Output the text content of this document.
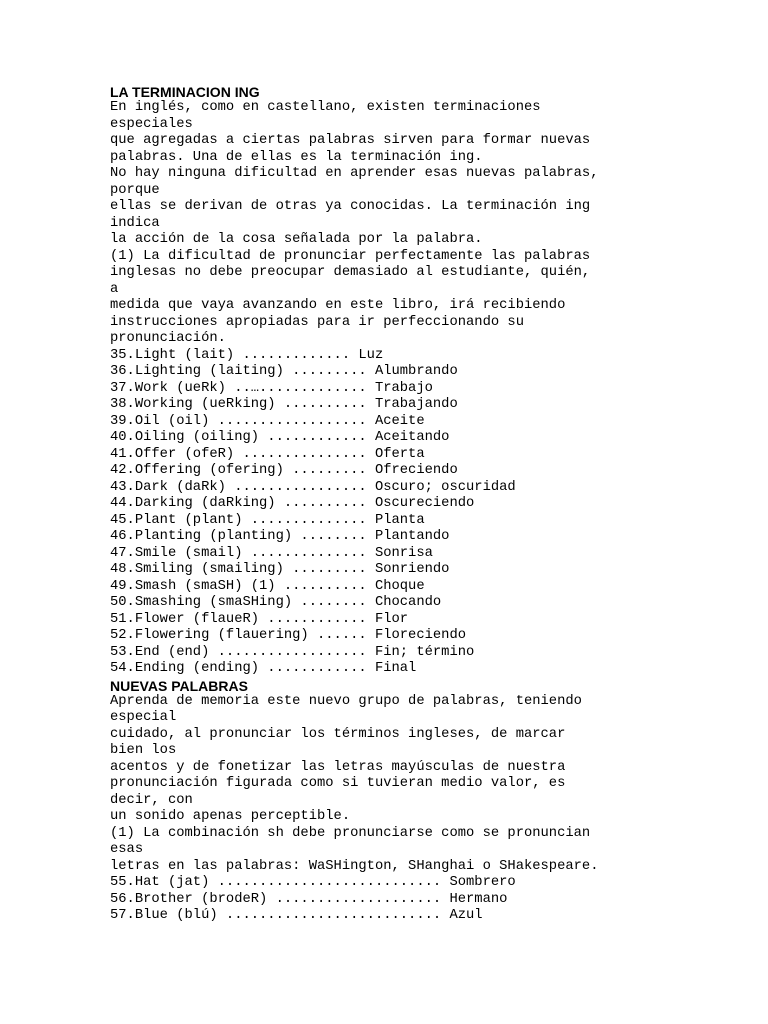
LA TERMINACION ING
En inglés, como en castellano, existen terminaciones
especiales
que agregadas a ciertas palabras sirven para formar nuevas
palabras. Una de ellas es la terminación ing.
No hay ninguna dificultad en aprender esas nuevas palabras,
porque
ellas se derivan de otras ya conocidas. La terminación ing
indica
la acción de la cosa señalada por la palabra.
(1) La dificultad de pronunciar perfectamente las palabras
inglesas no debe preocupar demasiado al estudiante, quién,
a
medida que vaya avanzando en este libro, irá recibiendo
instrucciones apropiadas para ir perfeccionando su
pronunciación.
35.Light (lait) ............. Luz
36.Lighting (laiting) ......... Alumbrando
37.Work (ueRk) ..…............. Trabajo
38.Working (ueRking) .......... Trabajando
39.Oil (oil) .................. Aceite
40.Oiling (oiling) ............ Aceitando
41.Offer (ofeR) ............... Oferta
42.Offering (ofering) ......... Ofreciendo
43.Dark (daRk) ................ Oscuro; oscuridad
44.Darking (daRking) .......... Oscureciendo
45.Plant (plant) .............. Planta
46.Planting (planting) ........ Plantando
47.Smile (smail) .............. Sonrisa
48.Smiling (smailing) ......... Sonriendo
49.Smash (smaSH) (1) .......... Choque
50.Smashing (smaSHing) ........ Chocando
51.Flower (flaueR) ............ Flor
52.Flowering (flauering) ...... Floreciendo
53.End (end) .................. Fin; término
54.Ending (ending) ............ Final
NUEVAS PALABRAS
Aprenda de memoria este nuevo grupo de palabras, teniendo
especial
cuidado, al pronunciar los términos ingleses, de marcar
bien los
acentos y de fonetizar las letras mayúsculas de nuestra
pronunciación figurada como si tuvieran medio valor, es
decir, con
un sonido apenas perceptible.
(1) La combinación sh debe pronunciarse como se pronuncian
esas
letras en las palabras: WaSHington, SHanghai o SHakespeare.
55.Hat (jat) ........................... Sombrero
56.Brother (brodeR) .................... Hermano
57.Blue (blú) .......................... Azul
